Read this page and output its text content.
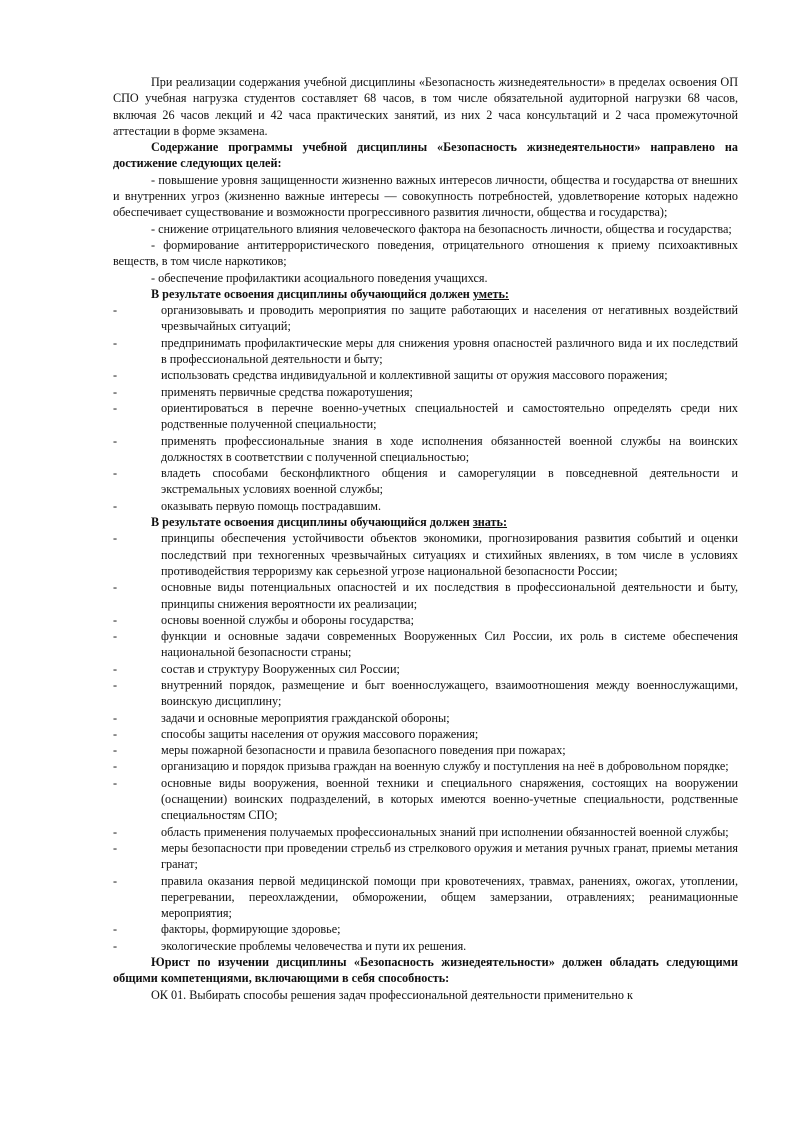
При реализации содержания учебной дисциплины «Безопасность жизнедеятельности» в пределах освоения ОП СПО учебная нагрузка студентов составляет 68 часов, в том числе обязательной аудиторной нагрузки 68 часов, включая 26 часов лекций и 42 часа практических занятий, из них 2 часа консультаций и 2 часа промежуточной аттестации в форме экзамена.

Содержание программы учебной дисциплины «Безопасность жизнедеятельности» направлено на достижение следующих целей:

- повышение уровня защищенности жизненно важных интересов личности, общества и государства от внешних и внутренних угроз (жизненно важные интересы — совокупность потребностей, удовлетворение которых надежно обеспечивает существование и возможности прогрессивного развития личности, общества и государства);

- снижение отрицательного влияния человеческого фактора на безопасность личности, общества и государства;

- формирование антитеррористического поведения, отрицательного отношения к приему психоактивных веществ, в том числе наркотиков;

- обеспечение профилактики асоциального поведения учащихся.

В результате освоения дисциплины обучающийся должен уметь:

-	организовывать и проводить мероприятия по защите работающих и населения от негативных воздействий чрезвычайных ситуаций;
-	предпринимать профилактические меры для снижения уровня опасностей различного вида и их последствий в профессиональной деятельности и быту;
-	использовать средства индивидуальной и коллективной защиты от оружия массового поражения;
-	применять первичные средства пожаротушения;
-	ориентироваться в перечне военно-учетных специальностей и самостоятельно определять среди них родственные полученной специальности;
-	применять профессиональные знания в ходе исполнения обязанностей военной службы на воинских должностях в соответствии с полученной специальностью;
-	владеть способами бесконфликтного общения и саморегуляции в повседневной деятельности и экстремальных условиях военной службы;
-	оказывать первую помощь пострадавшим.

В результате освоения дисциплины обучающийся должен знать:

-	принципы обеспечения устойчивости объектов экономики, прогнозирования развития событий и оценки последствий при техногенных чрезвычайных ситуациях и стихийных явлениях, в том числе в условиях противодействия терроризму как серьезной угрозе национальной безопасности России;
-	основные виды потенциальных опасностей и их последствия в профессиональной деятельности и быту, принципы снижения вероятности их реализации;
-	основы военной службы и обороны государства;
-	функции и основные задачи современных Вооруженных Сил России, их роль в системе обеспечения национальной безопасности страны;
-	состав и структуру Вооруженных сил России;
-	внутренний порядок, размещение и быт военнослужащего, взаимоотношения между военнослужащими, воинскую дисциплину;
-	задачи и основные мероприятия гражданской обороны;
-	способы защиты населения от оружия массового поражения;
-	меры пожарной безопасности и правила безопасного поведения при пожарах;
-	организацию и порядок призыва граждан на военную службу и поступления на неё в добровольном порядке;
-	основные виды вооружения, военной техники и специального снаряжения, состоящих на вооружении (оснащении) воинских подразделений, в которых имеются военно-учетные специальности, родственные специальностям СПО;
-	область применения получаемых профессиональных знаний при исполнении обязанностей военной службы;
-	меры безопасности при проведении стрельб из стрелкового оружия и метания ручных гранат, приемы метания гранат;
-	правила оказания первой медицинской помощи при кровотечениях, травмах, ранениях, ожогах, утоплении, перегревании, переохлаждении, обморожении, общем замерзании, отравлениях; реанимационные мероприятия;
-	факторы, формирующие здоровье;
-	экологические проблемы человечества и пути их решения.

Юрист по изучении дисциплины «Безопасность жизнедеятельности» должен обладать следующими общими компетенциями, включающими в себя способность:

ОК 01. Выбирать способы решения задач профессиональной деятельности применительно к
